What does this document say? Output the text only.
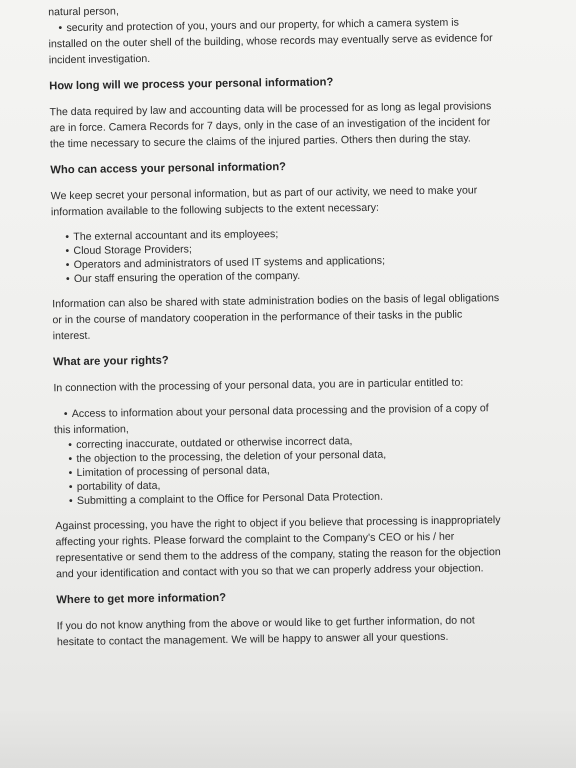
natural person,
• security and protection of you, yours and our property, for which a camera system is
installed on the outer shell of the building, whose records may eventually serve as evidence for
incident investigation.
How long will we process your personal information?
The data required by law and accounting data will be processed for as long as legal provisions
are in force. Camera Records for 7 days, only in the case of an investigation of the incident for
the time necessary to secure the claims of the injured parties. Others then during the stay.
Who can access your personal information?
We keep secret your personal information, but as part of our activity, we need to make your
information available to the following subjects to the extent necessary:
• The external accountant and its employees;
• Cloud Storage Providers;
• Operators and administrators of used IT systems and applications;
• Our staff ensuring the operation of the company.
Information can also be shared with state administration bodies on the basis of legal obligations
or in the course of mandatory cooperation in the performance of their tasks in the public
interest.
What are your rights?
In connection with the processing of your personal data, you are in particular entitled to:
• Access to information about your personal data processing and the provision of a copy of
this information,
• correcting inaccurate, outdated or otherwise incorrect data,
• the objection to the processing, the deletion of your personal data,
• Limitation of processing of personal data,
• portability of data,
• Submitting a complaint to the Office for Personal Data Protection.
Against processing, you have the right to object if you believe that processing is inappropriately
affecting your rights. Please forward the complaint to the Company's CEO or his / her
representative or send them to the address of the company, stating the reason for the objection
and your identification and contact with you so that we can properly address your objection.
Where to get more information?
If you do not know anything from the above or would like to get further information, do not
hesitate to contact the management. We will be happy to answer all your questions.
